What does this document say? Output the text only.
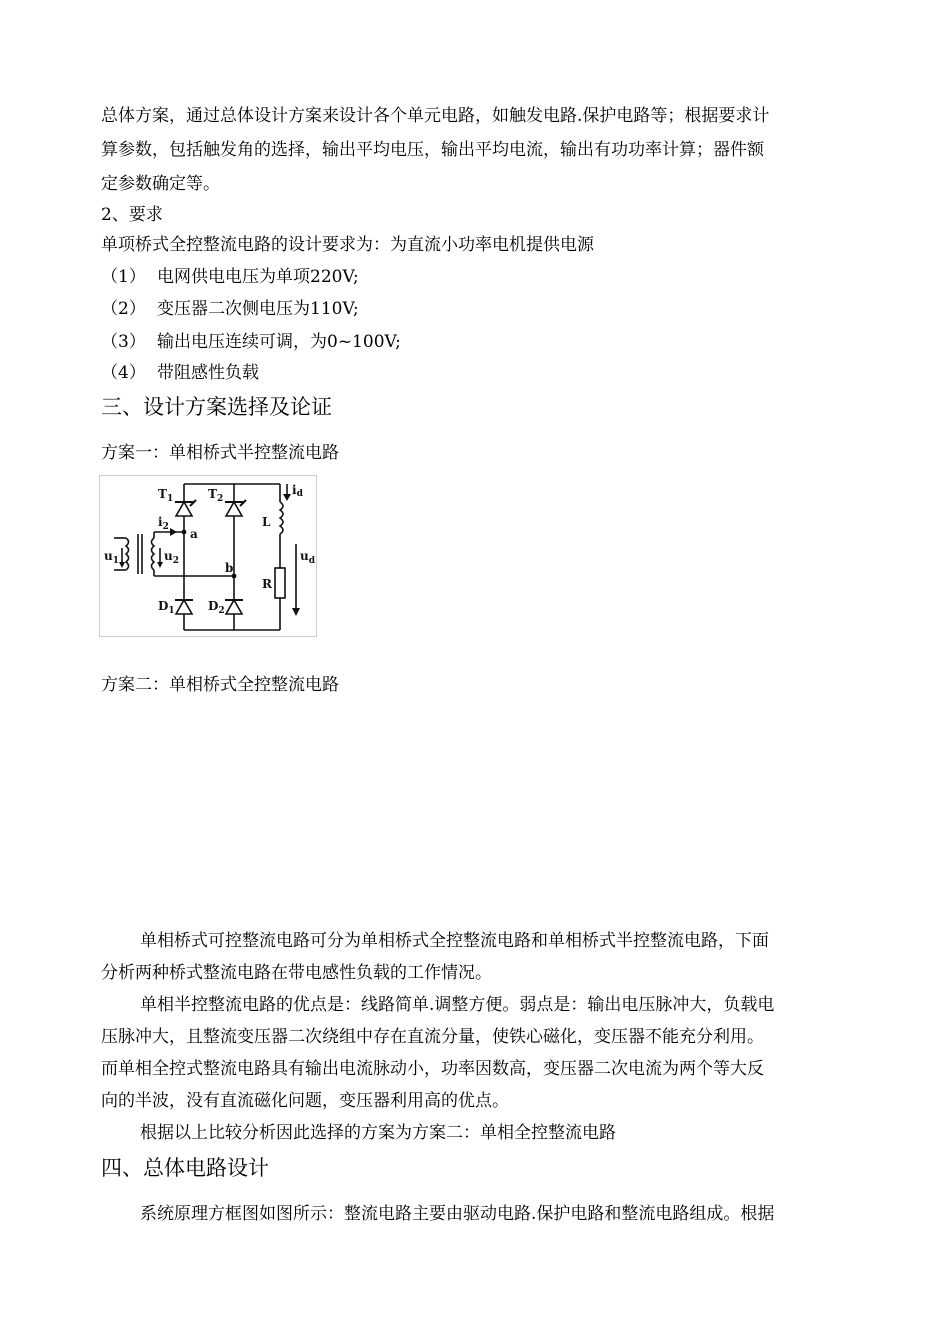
总体方案，通过总体设计方案来设计各个单元电路，如触发电路.保护电路等；根据要求计
算参数，包括触发角的选择，输出平均电压，输出平均电流，输出有功功率计算；器件额
定参数确定等。
2、要求
单项桥式全控整流电路的设计要求为：为直流小功率电机提供电源
（1） 电网供电电压为单项220V;
（2） 变压器二次侧电压为110V;
（3） 输出电压连续可调，为0~100V;
（4） 带阻感性负载
三、设计方案选择及论证
方案一：单相桥式半控整流电路
$T_1$	$T_2$
$D_1$	$D_2$
L
R
id
$u_d$
$u_1$	$u_2$
$i_2$ a
b
方案二：单相桥式全控整流电路
单相桥式可控整流电路可分为单相桥式全控整流电路和单相桥式半控整流电路，下面
分析两种桥式整流电路在带电感性负载的工作情况。
单相半控整流电路的优点是：线路简单.调整方便。弱点是：输出电压脉冲大，负载电
压脉冲大，且整流变压器二次绕组中存在直流分量，使铁心磁化，变压器不能充分利用。
而单相全控式整流电路具有输出电流脉动小，功率因数高，变压器二次电流为两个等大反
向的半波，没有直流磁化问题，变压器利用高的优点。
根据以上比较分析因此选择的方案为方案二：单相全控整流电路
四、总体电路设计
系统原理方框图如图所示：整流电路主要由驱动电路.保护电路和整流电路组成。根据
